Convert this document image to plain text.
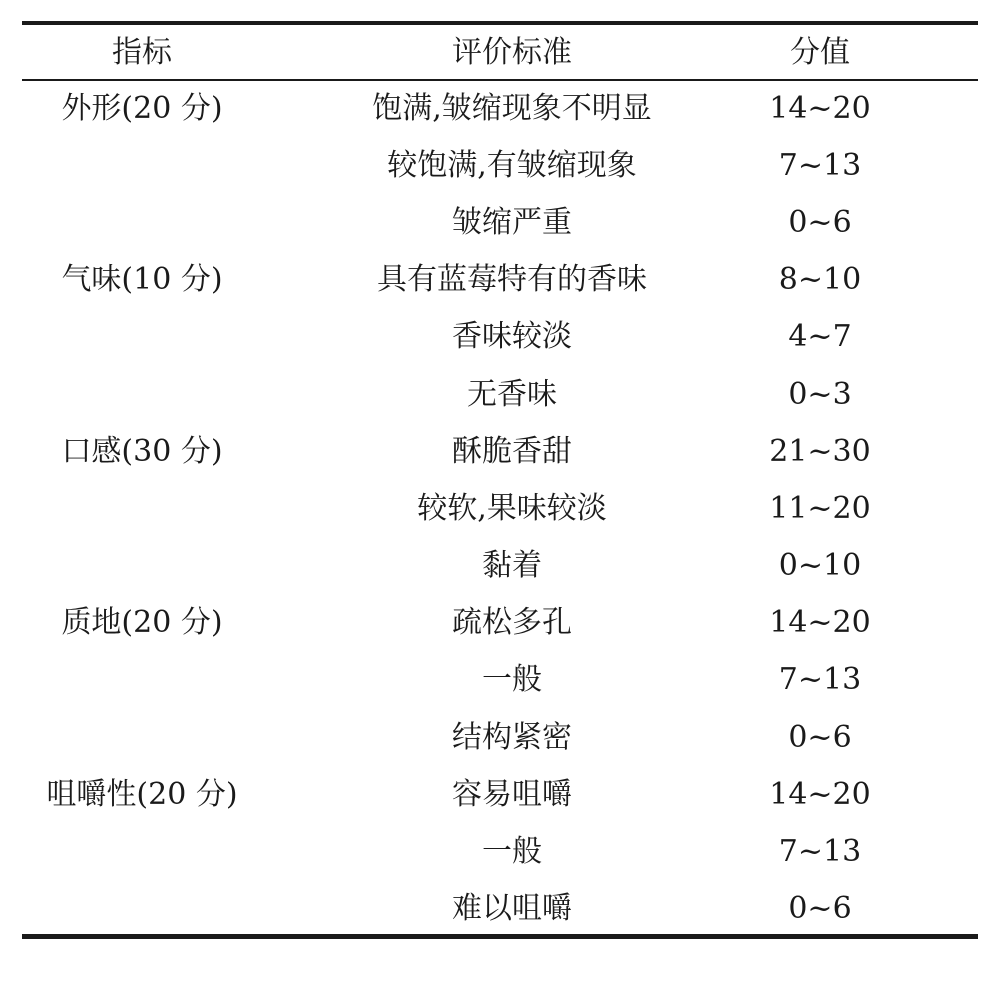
指标	评价标准	分值
外形(20 分)	饱满,皱缩现象不明显	14~20
	较饱满,有皱缩现象	7~13
	皱缩严重	0~6
气味(10 分)	具有蓝莓特有的香味	8~10
	香味较淡	4~7
	无香味	0~3
口感(30 分)	酥脆香甜	21~30
	较软,果味较淡	11~20
	黏着	0~10
质地(20 分)	疏松多孔	14~20
	一般	7~13
	结构紧密	0~6
咀嚼性(20 分)	容易咀嚼	14~20
	一般	7~13
	难以咀嚼	0~6
